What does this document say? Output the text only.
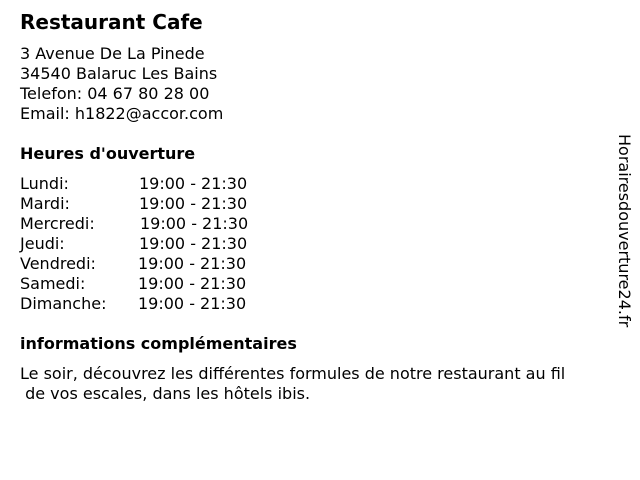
Restaurant Cafe
3 Avenue De La Pinede
34540 Balaruc Les Bains
Telefon: 04 67 80 28 00
Email: h1822@accor.com
Heures d'ouverture
Lundi:	19:00 - 21:30
Mardi:	19:00 - 21:30
Mercredi:	19:00 - 21:30
Jeudi:	19:00 - 21:30
Vendredi:	19:00 - 21:30
Samedi:	19:00 - 21:30
Dimanche: 19:00 - 21:30
informations complémentaires
Le soir, découvrez les différentes formules de notre restaurant au fil
de vos escales, dans les hôtels ibis.
Horairesdouverture24.fr
